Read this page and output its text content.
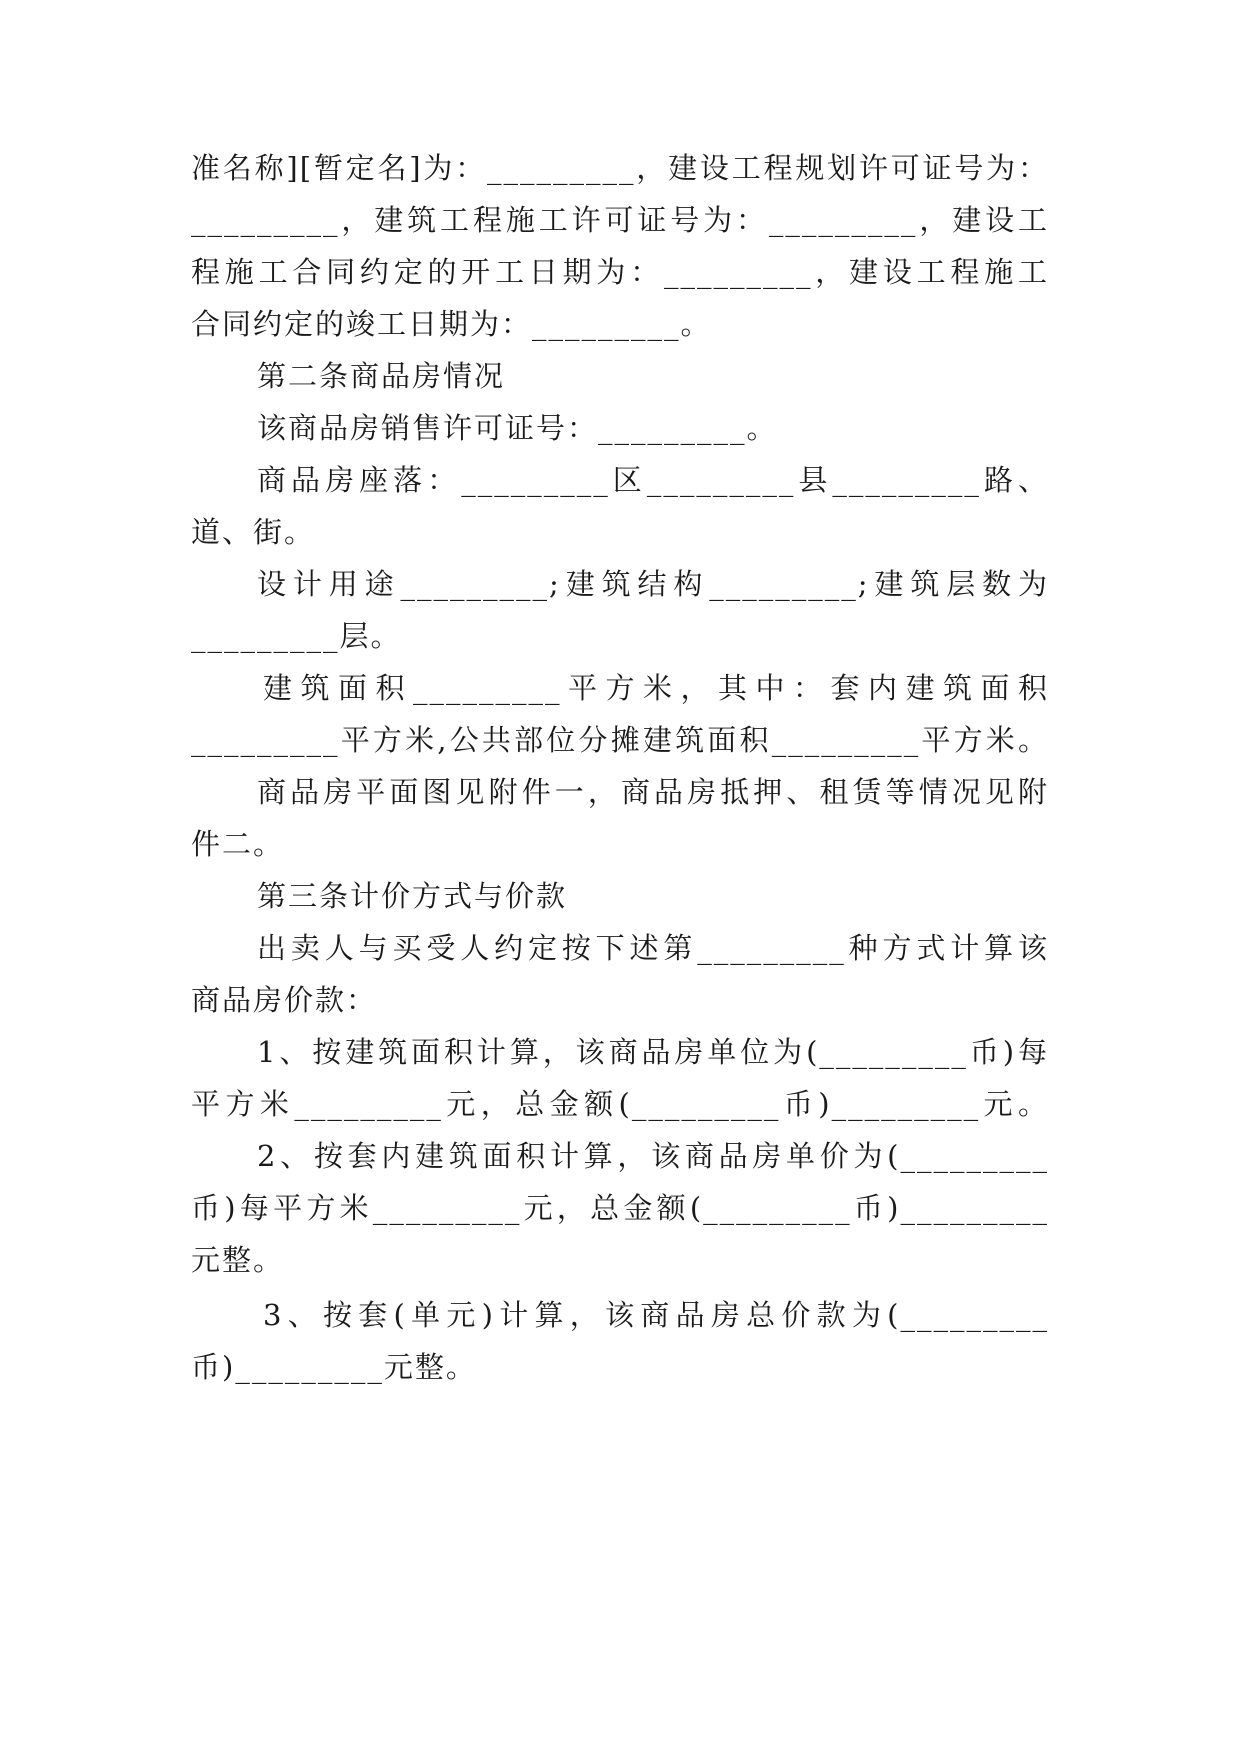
准名称][暂定名]为：_________，建设工程规划许可证号为：
_________，建筑工程施工许可证号为：_________，建设工
程施工合同约定的开工日期为：_________，建设工程施工
合同约定的竣工日期为：_________。
第二条商品房情况
该商品房销售许可证号：_________。
商品房座落：_________区_________县_________路、
道、街。
设计用途_________;建筑结构_________;建筑层数为
_________层。
建筑面积_________平方米，其中：套内建筑面积
_________平方米,公共部位分摊建筑面积_________平方米。
商品房平面图见附件一，商品房抵押、租赁等情况见附
件二。
第三条计价方式与价款
出卖人与买受人约定按下述第_________种方式计算该
商品房价款：
1、按建筑面积计算，该商品房单位为(_________币)每
平方米_________元，总金额(_________币)_________元。
2、按套内建筑面积计算，该商品房单价为(_________
币)每平方米_________元，总金额(_________币)_________
元整。
3、按套(单元)计算，该商品房总价款为(_________
币)_________元整。
